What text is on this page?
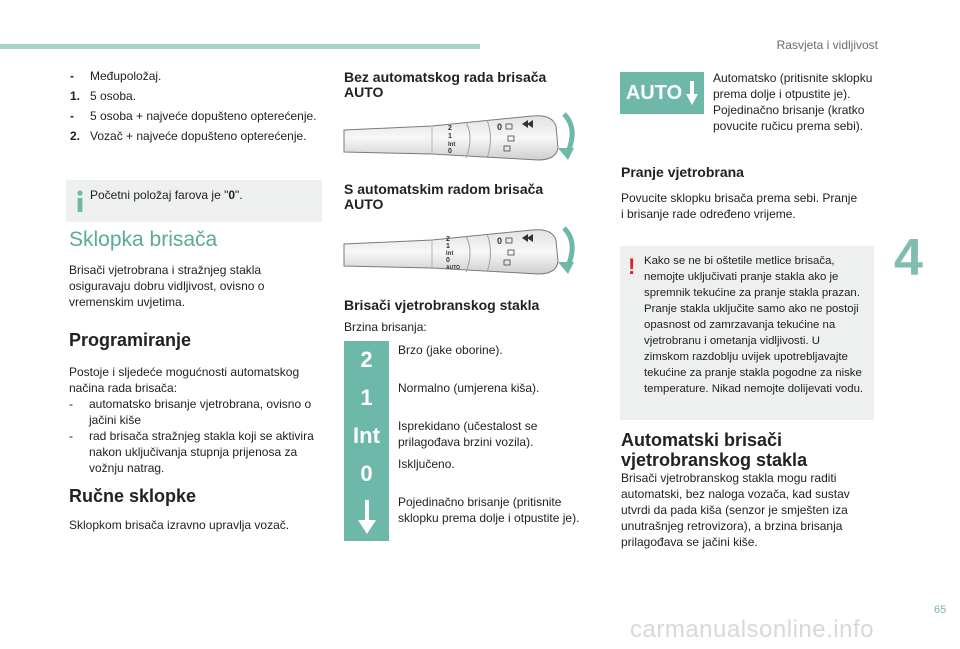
Rasvjeta i vidljivost
4
65
carmanualsonline.info
-	Međupoložaj.
1. 5 osoba.
-	5 osoba + najveće dopušteno opterećenje.
2. Vozač + najveće dopušteno opterećenje.
Početni položaj farova je "0".
Sklopka brisača
Brisači vjetrobrana i stražnjeg stakla osiguravaju dobru vidljivost, ovisno o vremenskim uvjetima.
Programiranje
Postoje i sljedeće mogućnosti automatskog načina rada brisača:
-	automatsko brisanje vjetrobrana, ovisno o jačini kiše
-	rad brisača stražnjeg stakla koji se aktivira nakon uključivanja stupnja prijenosa za vožnju natrag.
Ručne sklopke
Sklopkom brisača izravno upravlja vozač.
Bez automatskog rada brisača AUTO
2
1
Int
0
0
S automatskim radom brisača AUTO
2
1
Int
0
AUTO
0
Brisači vjetrobranskog stakla
Brzina brisanja:
2	Brzo (jake oborine).
1	Normalno (umjerena kiša).
Int	Isprekidano (učestalost se prilagođava brzini vozila).
0	Isključeno.
Pojedinačno brisanje (pritisnite sklopku prema dolje i otpustite je).
AUTO
Automatsko (pritisnite sklopku prema dolje i otpustite je). Pojedinačno brisanje (kratko povucite ručicu prema sebi).
Pranje vjetrobrana
Povucite sklopku brisača prema sebi. Pranje i brisanje rade određeno vrijeme.
! Kako se ne bi oštetile metlice brisača, nemojte uključivati pranje stakla ako je spremnik tekućine za pranje stakla prazan. Pranje stakla uključite samo ako ne postoji opasnost od zamrzavanja tekućine na vjetrobranu i ometanja vidljivosti. U zimskom razdoblju uvijek upotrebljavajte tekućine za pranje stakla pogodne za niske temperature. Nikad nemojte dolijevati vodu.
Automatski brisači vjetrobranskog stakla
Brisači vjetrobranskog stakla mogu raditi automatski, bez naloga vozača, kad sustav utvrdi da pada kiša (senzor je smješten iza unutrašnjeg retrovizora), a brzina brisanja prilagođava se jačini kiše.
